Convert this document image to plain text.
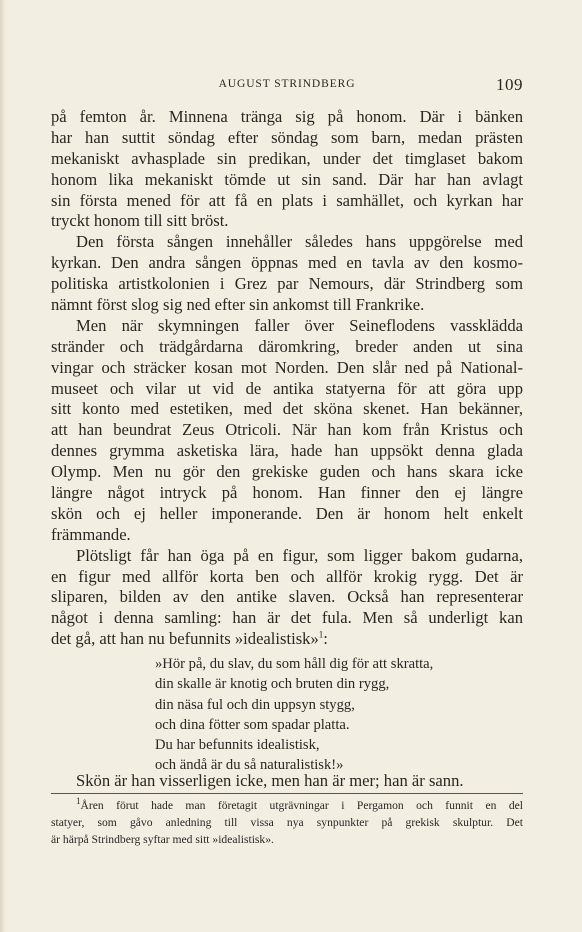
AUGUST STRINDBERG	109
på femton år. Minnena tränga sig på honom. Där i bänken
har han suttit söndag efter söndag som barn, medan prästen
mekaniskt avhasplade sin predikan, under det timglaset bakom
honom lika mekaniskt tömde ut sin sand. Där har han avlagt
sin första mened för att få en plats i samhället, och kyrkan har
tryckt honom till sitt bröst.
Den första sången innehåller således hans uppgörelse med
kyrkan. Den andra sången öppnas med en tavla av den kosmo-
politiska artistkolonien i Grez par Nemours, där Strindberg som
nämnt först slog sig ned efter sin ankomst till Frankrike.
Men när skymningen faller över Seineflodens vasskläddа
stränder och trädgårdarna däromkring, breder anden ut sina
vingar och sträcker kosan mot Norden. Den slår ned på National-
museet och vilar ut vid de antika statyerna för att göra upp
sitt konto med estetiken, med det sköna skenet. Han bekänner,
att han beundrat Zeus Otricoli. När han kom från Kristus och
dennes grymma asketiska lära, hade han uppsökt denna glada
Olymp. Men nu gör den grekiske guden och hans skara icke
längre något intryck på honom. Han finner den ej längre
skön och ej heller imponerande. Den är honom helt enkelt
främmande.
Plötsligt får han öga på en figur, som ligger bakom gudarna,
en figur med allför korta ben och allför krokig rygg. Det är
sliparen, bilden av den antike slaven. Också han representerar
något i denna samling: han är det fula. Men så underligt kan
det gå, att han nu befunnits »idealistisk»$^1$:
»Hör på, du slav, du som håll dig för att skratta,
din skalle är knotig och bruten din rygg,
din näsa ful och din uppsyn stygg,
och dina fötter som spadar platta.
Du har befunnits idealistisk,
och ändå är du så naturalistisk!»
Skön är han visserligen icke, men han är mer; han är sann.
$^1$Åren förut hade man företagit utgrävningar i Pergamon och funnit en del
statyer, som gåvo anledning till vissa nya synpunkter på grekisk skulptur. Det
är härpå Strindberg syftar med sitt »idealistisk».
